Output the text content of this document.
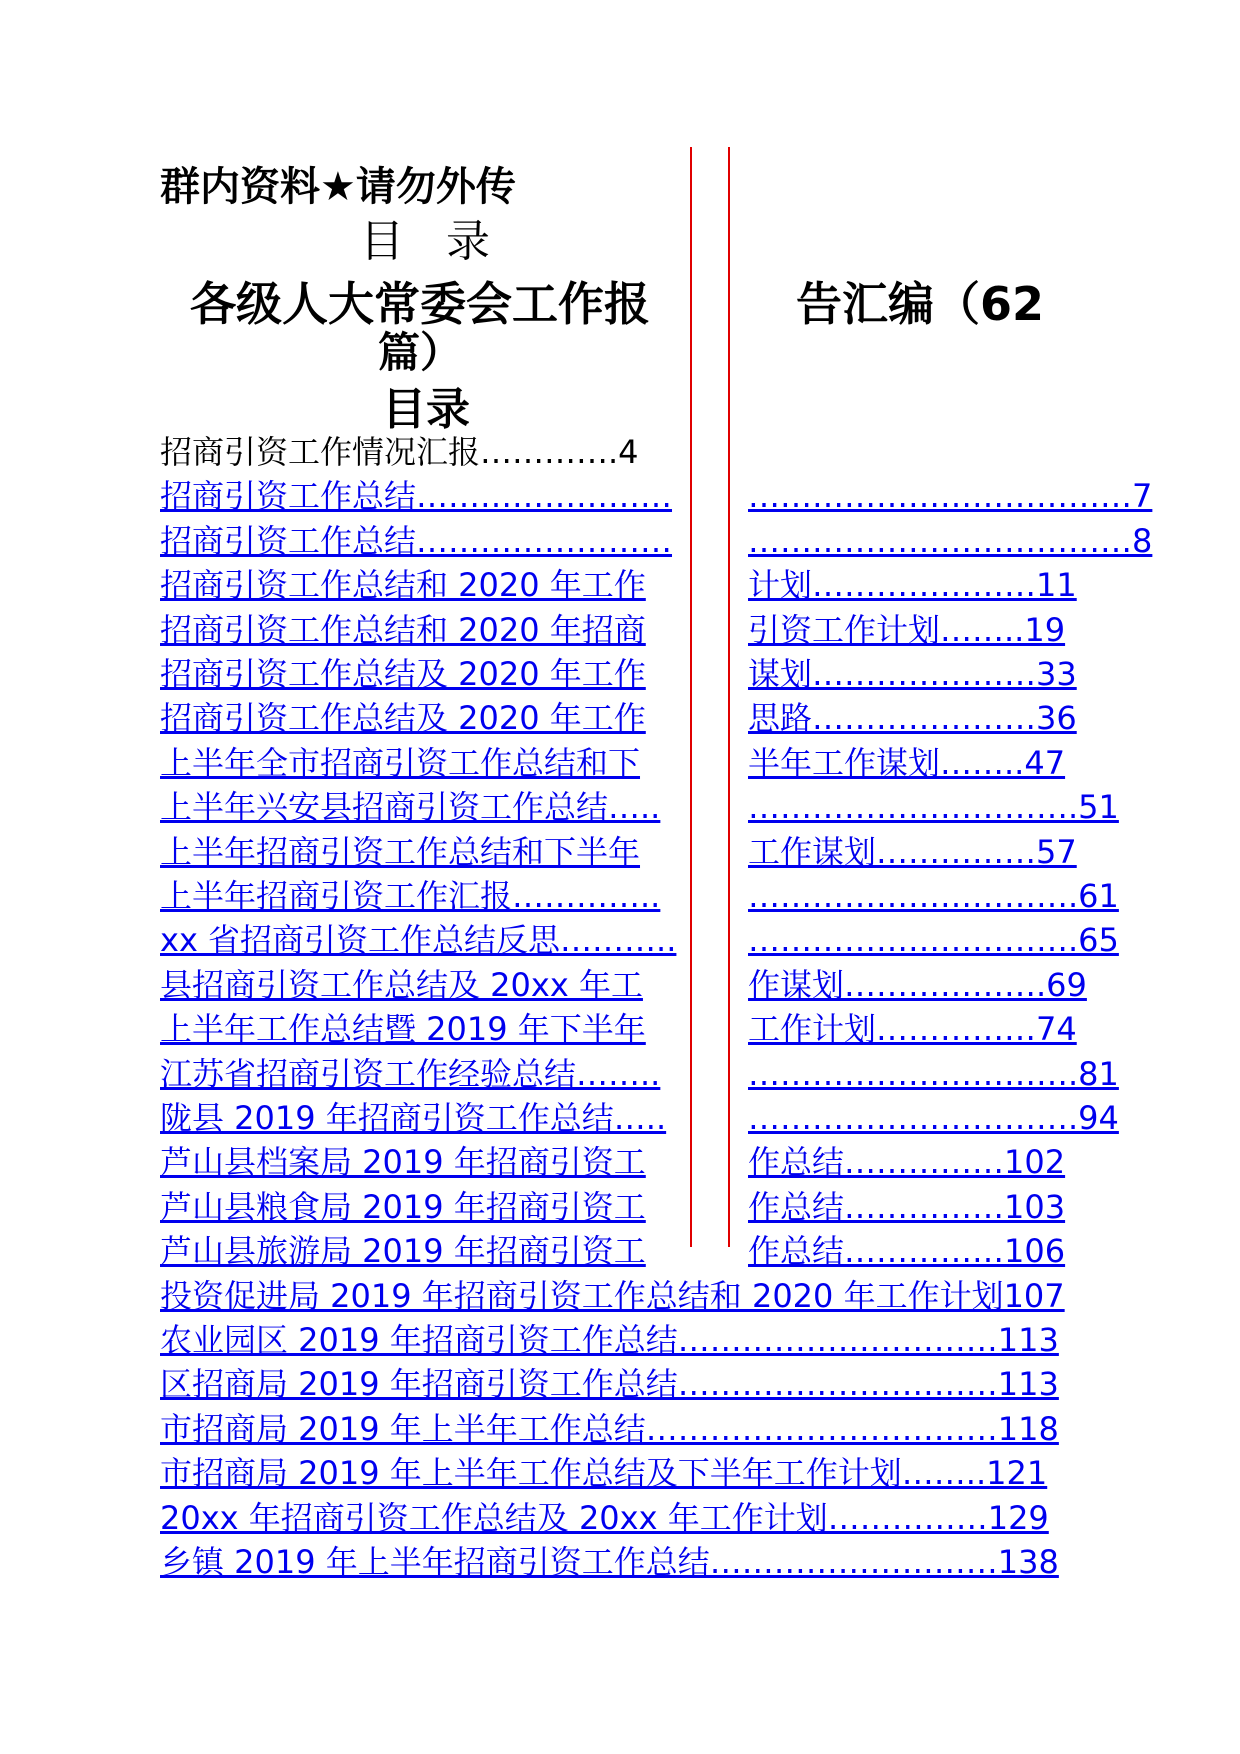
群内资料★请勿外传
目 录
各级人大常委会工作报	告汇编（62
篇）
目录
招商引资工作情况汇报………….4
招商引资工作总结…………………… ………………………………7
招商引资工作总结…………………… ………………………………8
招商引资工作总结和 2020 年工作	计划…………………11
招商引资工作总结和 2020 年招商	引资工作计划……..19
招商引资工作总结及 2020 年工作	谋划…………………33
招商引资工作总结及 2020 年工作	思路…………………36
上半年全市招商引资工作总结和下	半年工作谋划……..47
上半年兴安县招商引资工作总结…..	………………………….51
上半年招商引资工作总结和下半年	工作谋划……………57
上半年招商引资工作汇报…………..	………………………….61
xx 省招商引资工作总结反思……….. ………………………….65
县招商引资工作总结及 20xx 年工	作谋划……………….69
上半年工作总结暨 2019 年下半年	工作计划……………74
江苏省招商引资工作经验总结……..	………………………….81
陇县 2019 年招商引资工作总结…..	………………………….94
芦山县档案局 2019 年招商引资工	作总结……………102
芦山县粮食局 2019 年招商引资工	作总结……………103
芦山县旅游局 2019 年招商引资工	作总结……………106
投资促进局 2019 年招商引资工作总结和 2020 年工作计划107
农业园区 2019 年招商引资工作总结…………………………113
区招商局 2019 年招商引资工作总结…………………………113
市招商局 2019 年上半年工作总结……………………………118
市招商局 2019 年上半年工作总结及下半年工作计划……..121
20xx 年招商引资工作总结及 20xx 年工作计划……………129
乡镇 2019 年上半年招商引资工作总结………………………138
